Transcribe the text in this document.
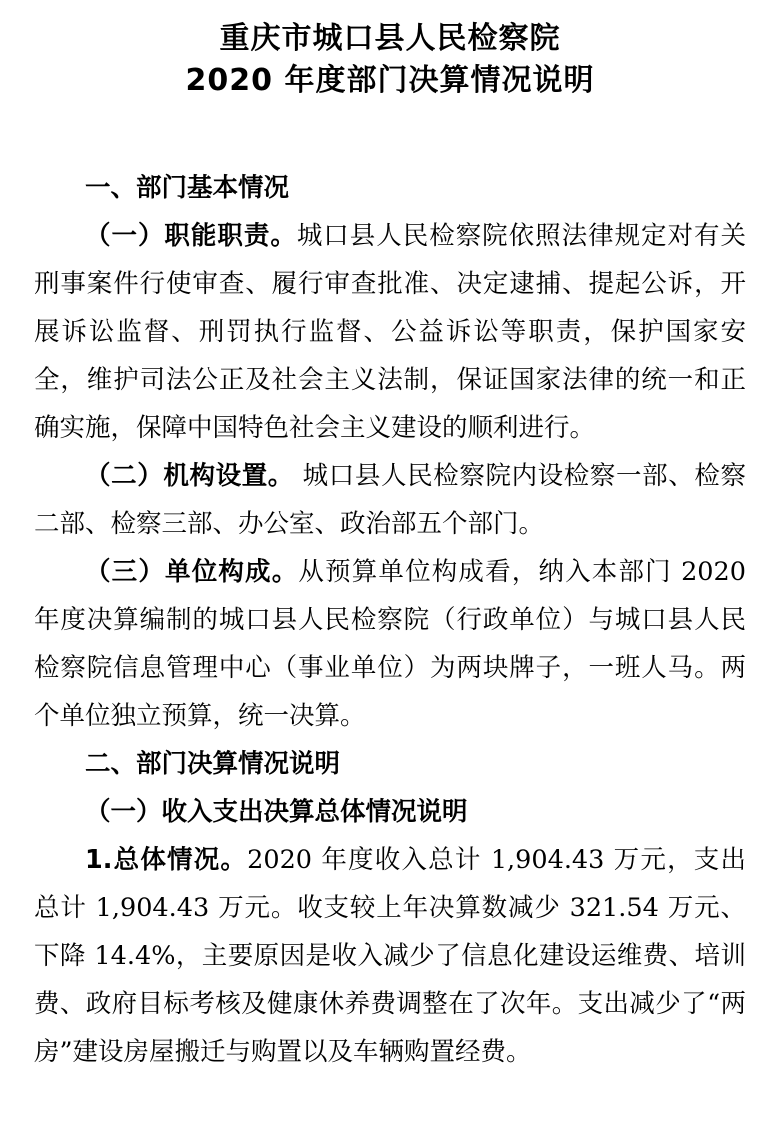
重庆市城口县人民检察院
2020 年度部门决算情况说明

一、部门基本情况

（一）职能职责。城口县人民检察院依照法律规定对有关刑事案件行使审查、履行审查批准、决定逮捕、提起公诉，开展诉讼监督、刑罚执行监督、公益诉讼等职责，保护国家安全，维护司法公正及社会主义法制，保证国家法律的统一和正确实施，保障中国特色社会主义建设的顺利进行。

（二）机构设置。 城口县人民检察院内设检察一部、检察二部、检察三部、办公室、政治部五个部门。

（三）单位构成。从预算单位构成看，纳入本部门 2020 年度决算编制的城口县人民检察院（行政单位）与城口县人民检察院信息管理中心（事业单位）为两块牌子，一班人马。两个单位独立预算，统一决算。

二、部门决算情况说明

（一）收入支出决算总体情况说明

1.总体情况。2020 年度收入总计 1,904.43 万元，支出总计 1,904.43 万元。收支较上年决算数减少 321.54 万元、下降 14.4%，主要原因是收入减少了信息化建设运维费、培训费、政府目标考核及健康休养费调整在了次年。支出减少了“两房”建设房屋搬迁与购置以及车辆购置经费。
